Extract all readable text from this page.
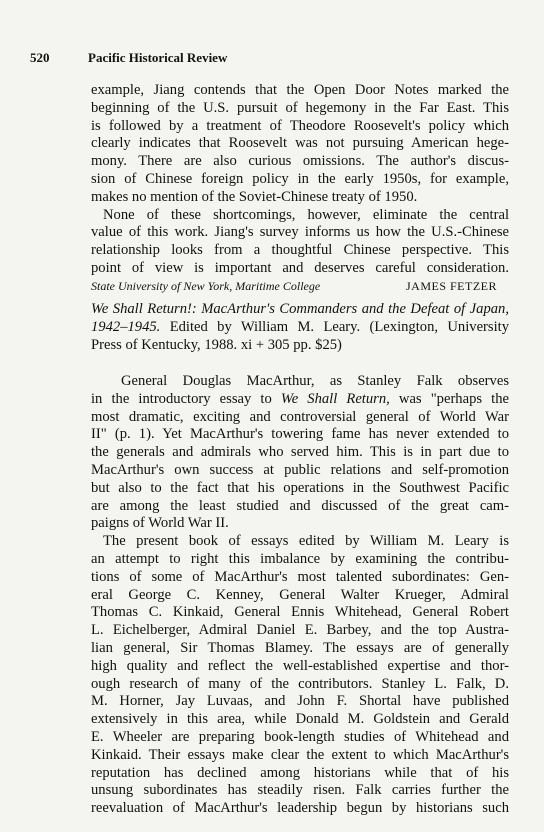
520	Pacific Historical Review
example, Jiang contends that the Open Door Notes marked the
beginning of the U.S. pursuit of hegemony in the Far East. This
is followed by a treatment of Theodore Roosevelt's policy which
clearly indicates that Roosevelt was not pursuing American hege-
mony. There are also curious omissions. The author's discus-
sion of Chinese foreign policy in the early 1950s, for example,
makes no mention of the Soviet-Chinese treaty of 1950.
None of these shortcomings, however, eliminate the central
value of this work. Jiang's survey informs us how the U.S.-Chinese
relationship looks from a thoughtful Chinese perspective. This
point of view is important and deserves careful consideration.
State University of New York, Maritime College	JAMES FETZER
We Shall Return!: MacArthur's Commanders and the Defeat of Japan,
1942–1945. Edited by William M. Leary. (Lexington, University
Press of Kentucky, 1988. xi + 305 pp. $25)
General Douglas MacArthur, as Stanley Falk observes
in the introductory essay to We Shall Return, was "perhaps the
most dramatic, exciting and controversial general of World War
II" (p. 1). Yet MacArthur's towering fame has never extended to
the generals and admirals who served him. This is in part due to
MacArthur's own success at public relations and self-promotion
but also to the fact that his operations in the Southwest Pacific
are among the least studied and discussed of the great cam-
paigns of World War II.
The present book of essays edited by William M. Leary is
an attempt to right this imbalance by examining the contribu-
tions of some of MacArthur's most talented subordinates: Gen-
eral George C. Kenney, General Walter Krueger, Admiral
Thomas C. Kinkaid, General Ennis Whitehead, General Robert
L. Eichelberger, Admiral Daniel E. Barbey, and the top Austra-
lian general, Sir Thomas Blamey. The essays are of generally
high quality and reflect the well-established expertise and thor-
ough research of many of the contributors. Stanley L. Falk, D.
M. Horner, Jay Luvaas, and John F. Shortal have published
extensively in this area, while Donald M. Goldstein and Gerald
E. Wheeler are preparing book-length studies of Whitehead and
Kinkaid. Their essays make clear the extent to which MacArthur's
reputation has declined among historians while that of his
unsung subordinates has steadily risen. Falk carries further the
reevaluation of MacArthur's leadership begun by historians such
